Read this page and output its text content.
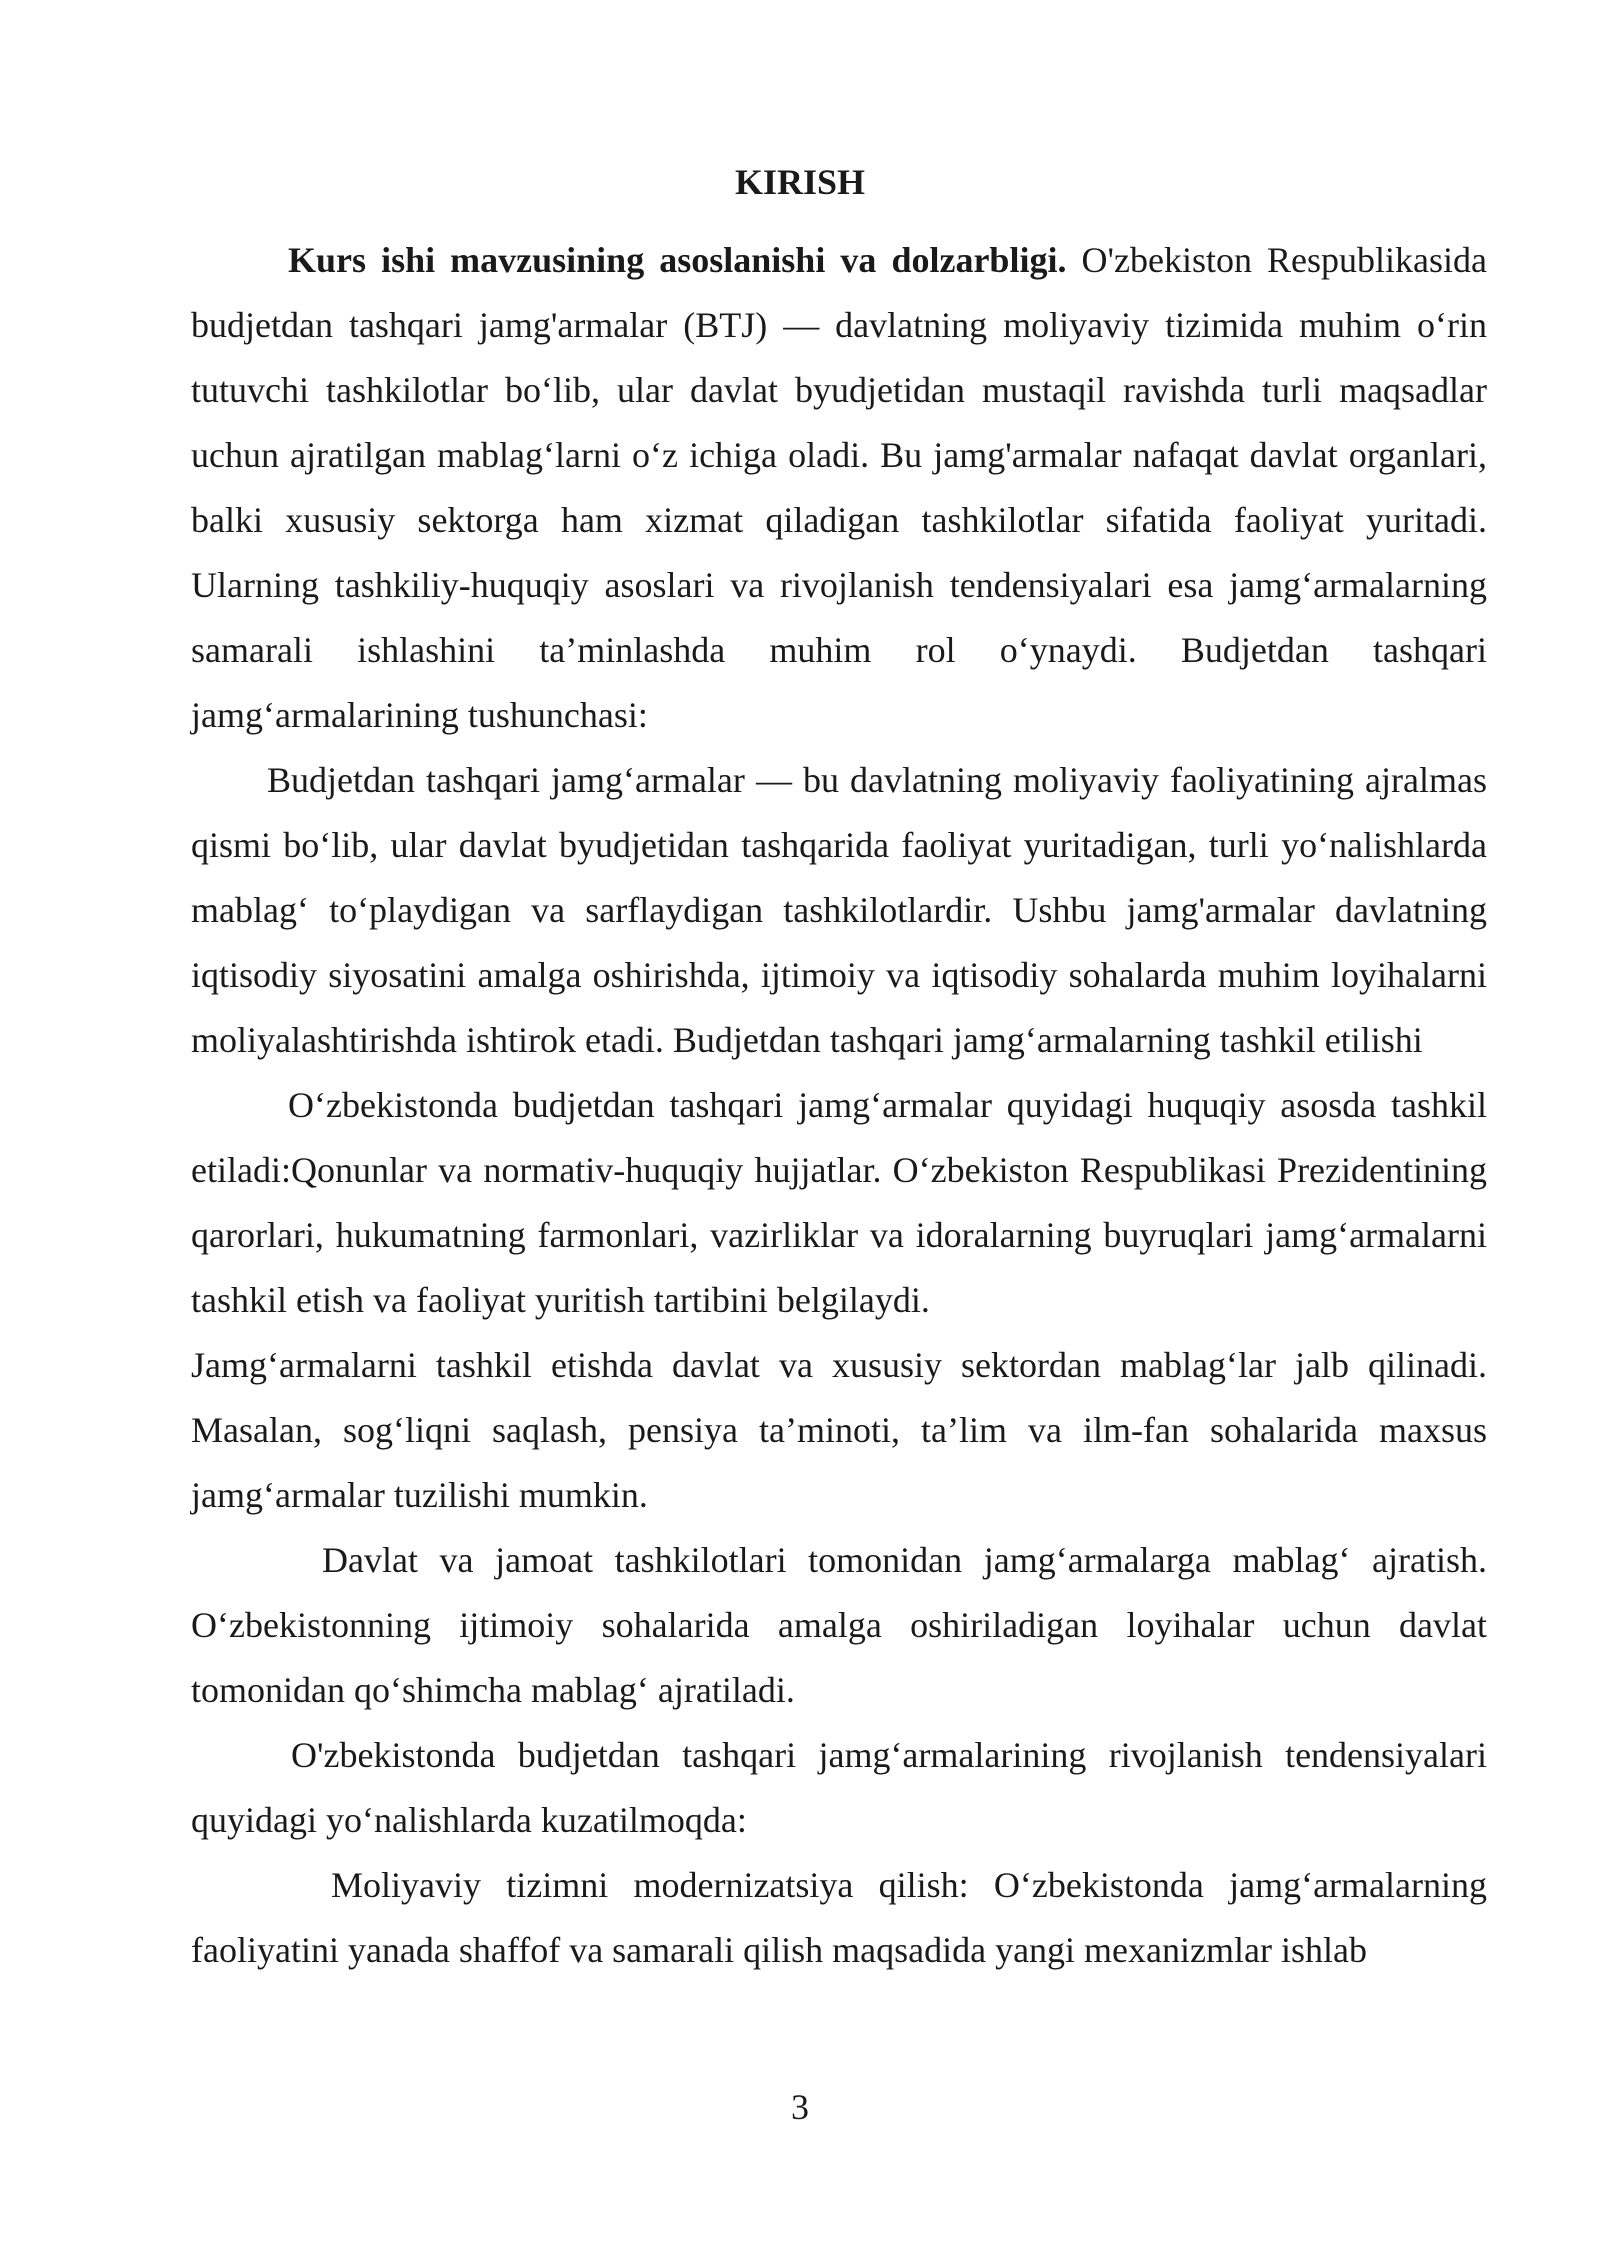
KIRISH

Kurs ishi mavzusining asoslanishi va dolzarbligi. O'zbekiston Respublikasida budjetdan tashqari jamg'armalar (BTJ) — davlatning moliyaviy tizimida muhim o‘rin tutuvchi tashkilotlar bo‘lib, ular davlat byudjetidan mustaqil ravishda turli maqsadlar uchun ajratilgan mablag‘larni o‘z ichiga oladi. Bu jamg'armalar nafaqat davlat organlari, balki xususiy sektorga ham xizmat qiladigan tashkilotlar sifatida faoliyat yuritadi. Ularning tashkiliy-huquqiy asoslari va rivojlanish tendensiyalari esa jamg‘armalarning samarali ishlashini ta’minlashda muhim rol o‘ynaydi. Budjetdan tashqari jamg‘armalarining tushunchasi:

Budjetdan tashqari jamg‘armalar — bu davlatning moliyaviy faoliyatining ajralmas qismi bo‘lib, ular davlat byudjetidan tashqarida faoliyat yuritadigan, turli yo‘nalishlarda mablag‘ to‘playdigan va sarflaydigan tashkilotlardir. Ushbu jamg'armalar davlatning iqtisodiy siyosatini amalga oshirishda, ijtimoiy va iqtisodiy sohalarda muhim loyihalarni moliyalashtirishda ishtirok etadi. Budjetdan tashqari jamg‘armalarning tashkil etilishi

O‘zbekistonda budjetdan tashqari jamg‘armalar quyidagi huquqiy asosda tashkil etiladi:Qonunlar va normativ-huquqiy hujjatlar. O‘zbekiston Respublikasi Prezidentining qarorlari, hukumatning farmonlari, vazirliklar va idoralarning buyruqlari jamg‘armalarni tashkil etish va faoliyat yuritish tartibini belgilaydi.

Jamg‘armalarni tashkil etishda davlat va xususiy sektordan mablag‘lar jalb qilinadi. Masalan, sog‘liqni saqlash, pensiya ta’minoti, ta’lim va ilm-fan sohalarida maxsus jamg‘armalar tuzilishi mumkin.

Davlat va jamoat tashkilotlari tomonidan jamg‘armalarga mablag‘ ajratish. O‘zbekistonning ijtimoiy sohalarida amalga oshiriladigan loyihalar uchun davlat tomonidan qo‘shimcha mablag‘ ajratiladi.

O'zbekistonda budjetdan tashqari jamg‘armalarining rivojlanish tendensiyalari quyidagi yo‘nalishlarda kuzatilmoqda:

Moliyaviy tizimni modernizatsiya qilish: O‘zbekistonda jamg‘armalarning faoliyatini yanada shaffof va samarali qilish maqsadida yangi mexanizmlar ishlab

3
